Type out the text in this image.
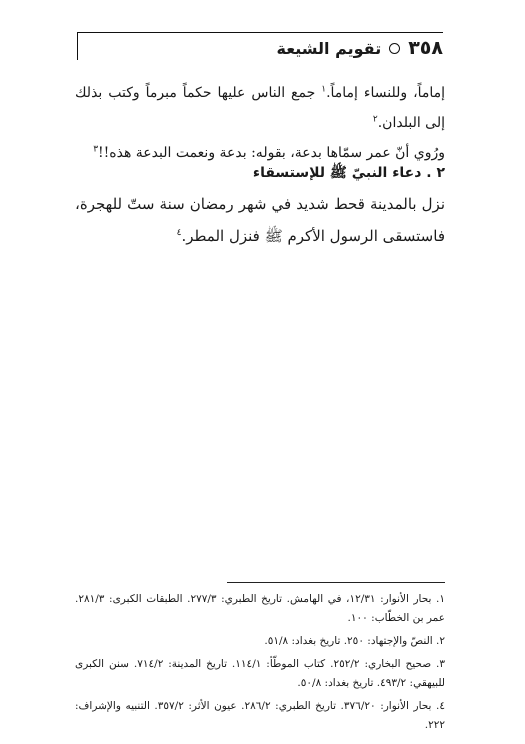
٣٥٨
تقويم الشيعة

إماماً، وللنساء إماماً.$^١$ جمع الناس عليها حكماً مبرماً وكتب بذلك إلى البلدان.$^٢$

ورُوي أنّ عمر سمّاها بدعة، بقوله: بدعة ونعمت البدعة هذه!!$^٣$

٢ . دعاء النبيّ ﷺ للإستسقاء

نزل بالمدينة قحط شديد في شهر رمضان سنة ستّ للهجرة، فاستسقى الرسول الأكرم ﷺ فنزل المطر.$^٤$

١. بحار الأنوار: ١٢/٣١، في الهامش. تاريخ الطبري: ٢٧٧/٣. الطبقات الكبرى: ٢٨١/٣. عمر بن الخطّاب: ١٠٠.

٢. النصّ والإجتهاد: ٢٥٠. تاريخ بغداد: ٥١/٨.

٣. صحيح البخاري: ٢٥٢/٢. كتاب الموطّأ: ١١٤/١. تاريخ المدينة: ٧١٤/٢. سنن الكبرى للبيهقي: ٤٩٣/٢. تاريخ بغداد: ٥٠/٨.

٤. بحار الأنوار: ٣٧٦/٢٠. تاريخ الطبري: ٢٨٦/٢. عيون الأثر: ٣٥٧/٢. التنبيه والإشراف: ٢٢٢.
